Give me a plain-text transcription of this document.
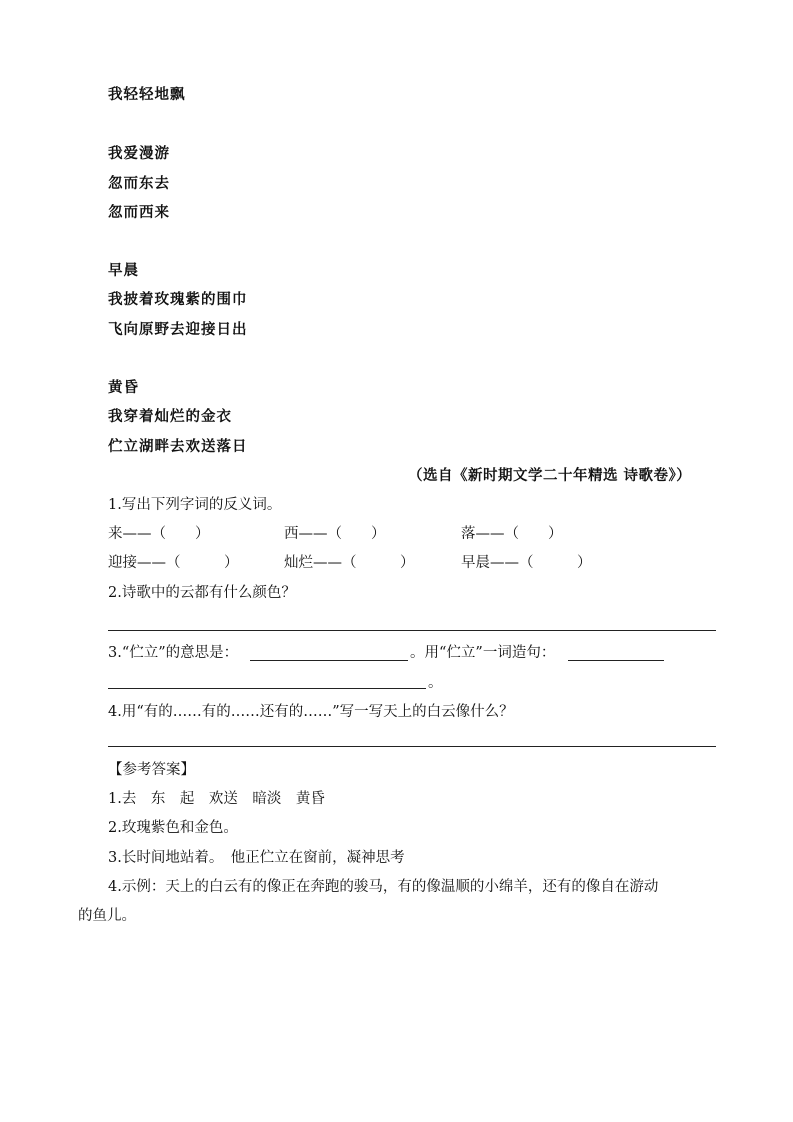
我轻轻地飘
我爱漫游
忽而东去
忽而西来
早晨
我披着玫瑰紫的围巾
飞向原野去迎接日出
黄昏
我穿着灿烂的金衣
伫立湖畔去欢送落日
（选自《新时期文学二十年精选 诗歌卷》）
1.写出下列字词的反义词。
来——（　　）	西——（　　）	落——（　　）
迎接——（　　　）	灿烂——（　　　）	早晨——（　　　）
2.诗歌中的云都有什么颜色？
3.“伫立”的意思是：	。用“伫立”一词造句：
。
4.用“有的……有的……还有的……”写一写天上的白云像什么？
【参考答案】
1.去　东　起　欢送　暗淡　黄昏
2.玫瑰紫色和金色。
3.长时间地站着。　他正伫立在窗前，凝神思考
4.示例：天上的白云有的像正在奔跑的骏马，有的像温顺的小绵羊，还有的像自在游动
的鱼儿。
